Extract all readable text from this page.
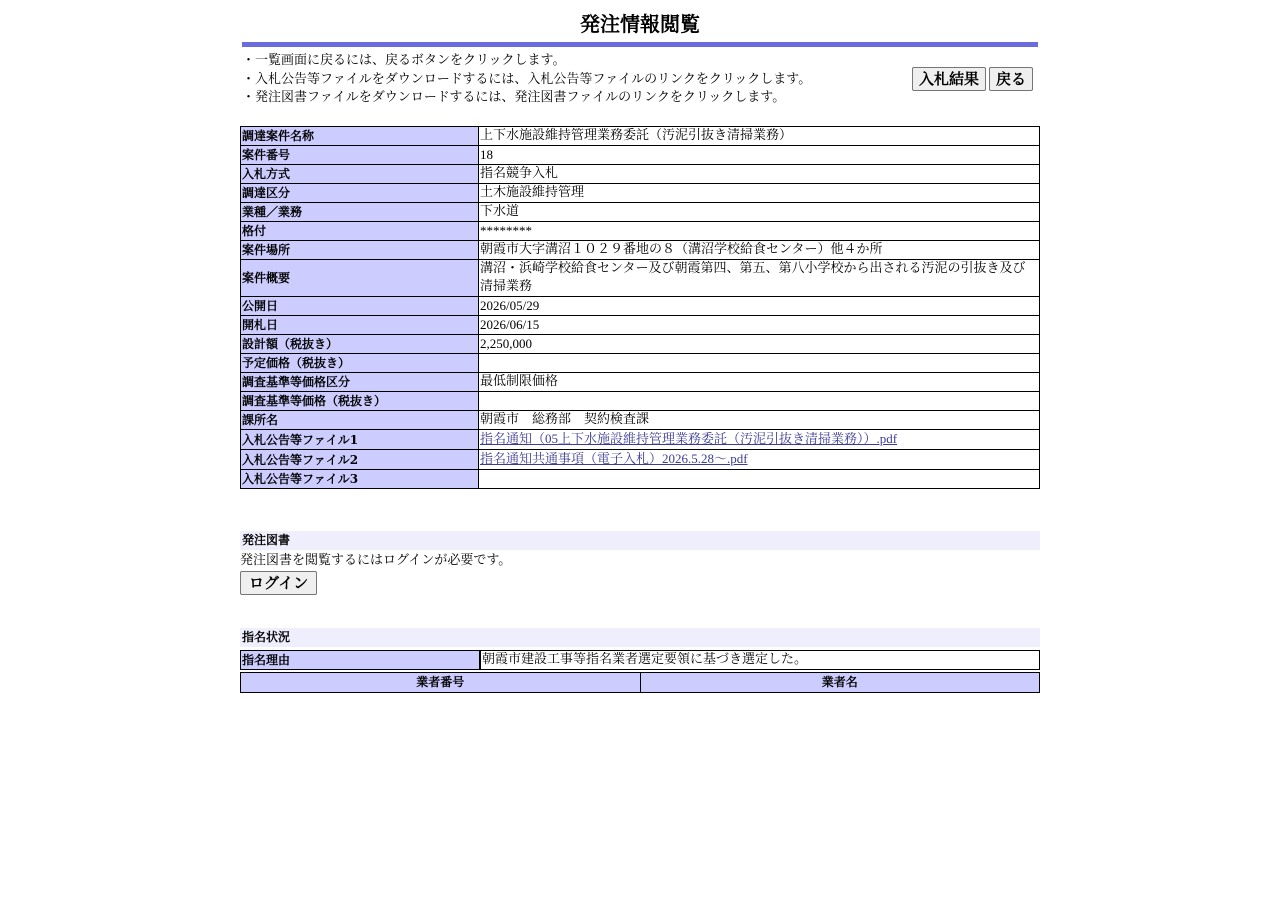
発注情報閲覧
・一覧画面に戻るには、戻るボタンをクリックします。
・入札公告等ファイルをダウンロードするには、入札公告等ファイルのリンクをクリックします。
・発注図書ファイルをダウンロードするには、発注図書ファイルのリンクをクリックします。
入札結果	戻る
調達案件名称	上下水施設維持管理業務委託（汚泥引抜き清掃業務）
案件番号	18
入札方式	指名競争入札
調達区分	土木施設維持管理
業種／業務	下水道
格付	********
案件場所	朝霞市大字溝沼１０２９番地の８（溝沼学校給食センター）他４か所
案件概要	溝沼・浜崎学校給食センター及び朝霞第四、第五、第八小学校から出される汚泥の引抜き及び清掃業務
公開日	2026/05/29
開札日	2026/06/15
設計額（税抜き）	2,250,000
予定価格（税抜き）	
調査基準等価格区分	最低制限価格
調査基準等価格（税抜き）	
課所名	朝霞市　総務部　契約検査課
入札公告等ファイル1	指名通知（05上下水施設維持管理業務委託（汚泥引抜き清掃業務））.pdf
入札公告等ファイル2	指名通知共通事項（電子入札）2026.5.28～.pdf
入札公告等ファイル3	
発注図書
発注図書を閲覧するにはログインが必要です。
ログイン
指名状況
指名理由	朝霞市建設工事等指名業者選定要領に基づき選定した。
業者番号	業者名
